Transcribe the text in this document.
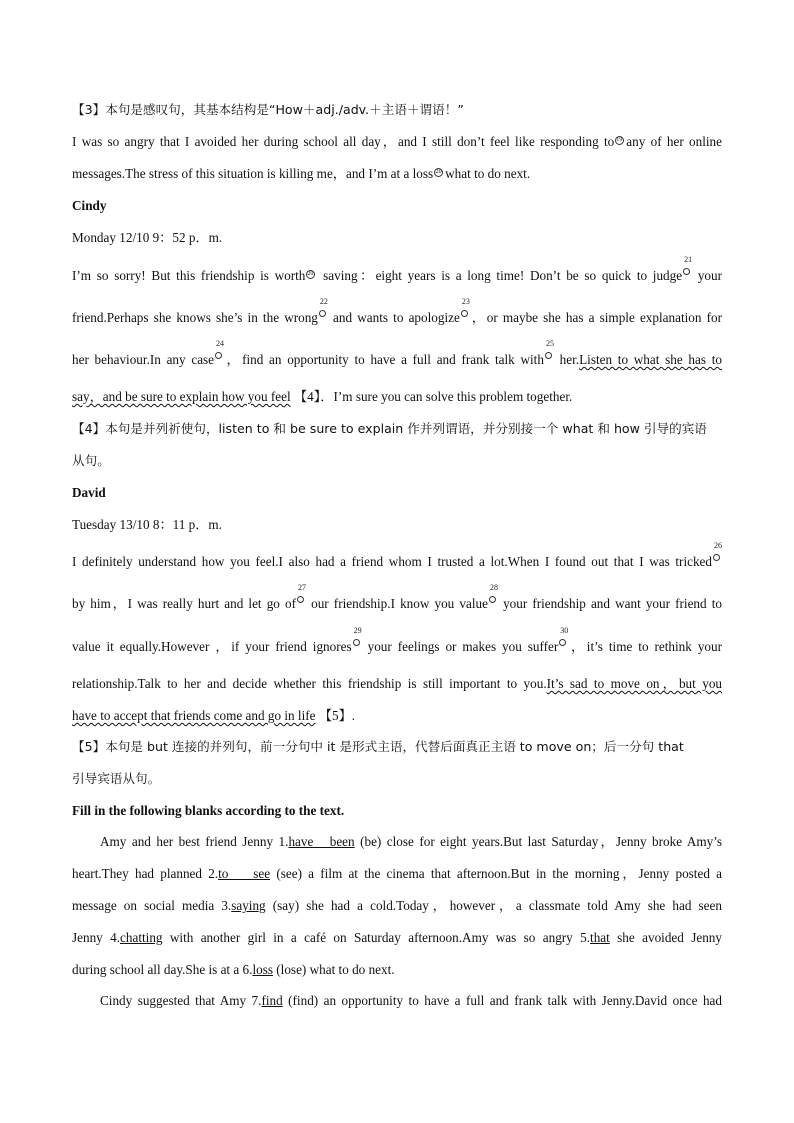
【3】本句是感叹句，其基本结构是“How＋adj./adv.＋主语＋谓语！”
I was so angry that I avoided her during school all day，and I still don’t feel like responding to 19 any of her online
messages.The stress of this situation is killing me，and I’m at a loss 20 what to do next.
Cindy
Monday 12/10 9：52 p．m.
I’m so sorry! But this friendship is worth 20 saving：eight years is a long time! Don’t be so quick to judge
21
your
friend.Perhaps she knows she’s in the wrong
22
and wants to apologize
23
，or maybe she has a simple explanation for
her behaviour.In any case
24
，find an opportunity to have a full and frank talk with
25
her.Listen to what she has to
say，and be sure to explain how you feel 【4】．I’m sure you can solve this problem together.
【4】本句是并列祈使句，listen to 和 be sure to explain 作并列谓语，并分别接一个 what 和 how 引导的宾语
从句。
David
Tuesday 13/10 8：11 p．m.
I definitely understand how you feel.I also had a friend whom I trusted a lot.When I found out that I was tricked
26
by him，I was really hurt and let go of
27
our friendship.I know you value
28
your friendship and want your friend to
value it equally.However ，if your friend ignores
29
your feelings or makes you suffer
30
，it’s time to rethink your
relationship.Talk to her and decide whether this friendship is still important to you.It’s sad to move on，but you
have to accept that friends come and go in life 【5】.
【5】本句是 but 连接的并列句，前一分句中 it 是形式主语，代替后面真正主语 to move on；后一分句 that
引导宾语从句。
Fill in the following blanks according to the text.
Amy and her best friend Jenny 1.have   been (be) close for eight years.But last Saturday，Jenny broke Amy’s
heart.They had planned 2.to    see (see) a film at the cinema that afternoon.But in the morning，Jenny posted a
message on social media 3.saying (say) she had a cold.Today，however，a classmate told Amy she had seen
Jenny 4.chatting with another girl in a café on Saturday afternoon.Amy was so angry 5.that she avoided Jenny
during school all day.She is at a 6.loss (lose) what to do next.
Cindy suggested that Amy 7.find (find) an opportunity to have a full and frank talk with Jenny.David once had
